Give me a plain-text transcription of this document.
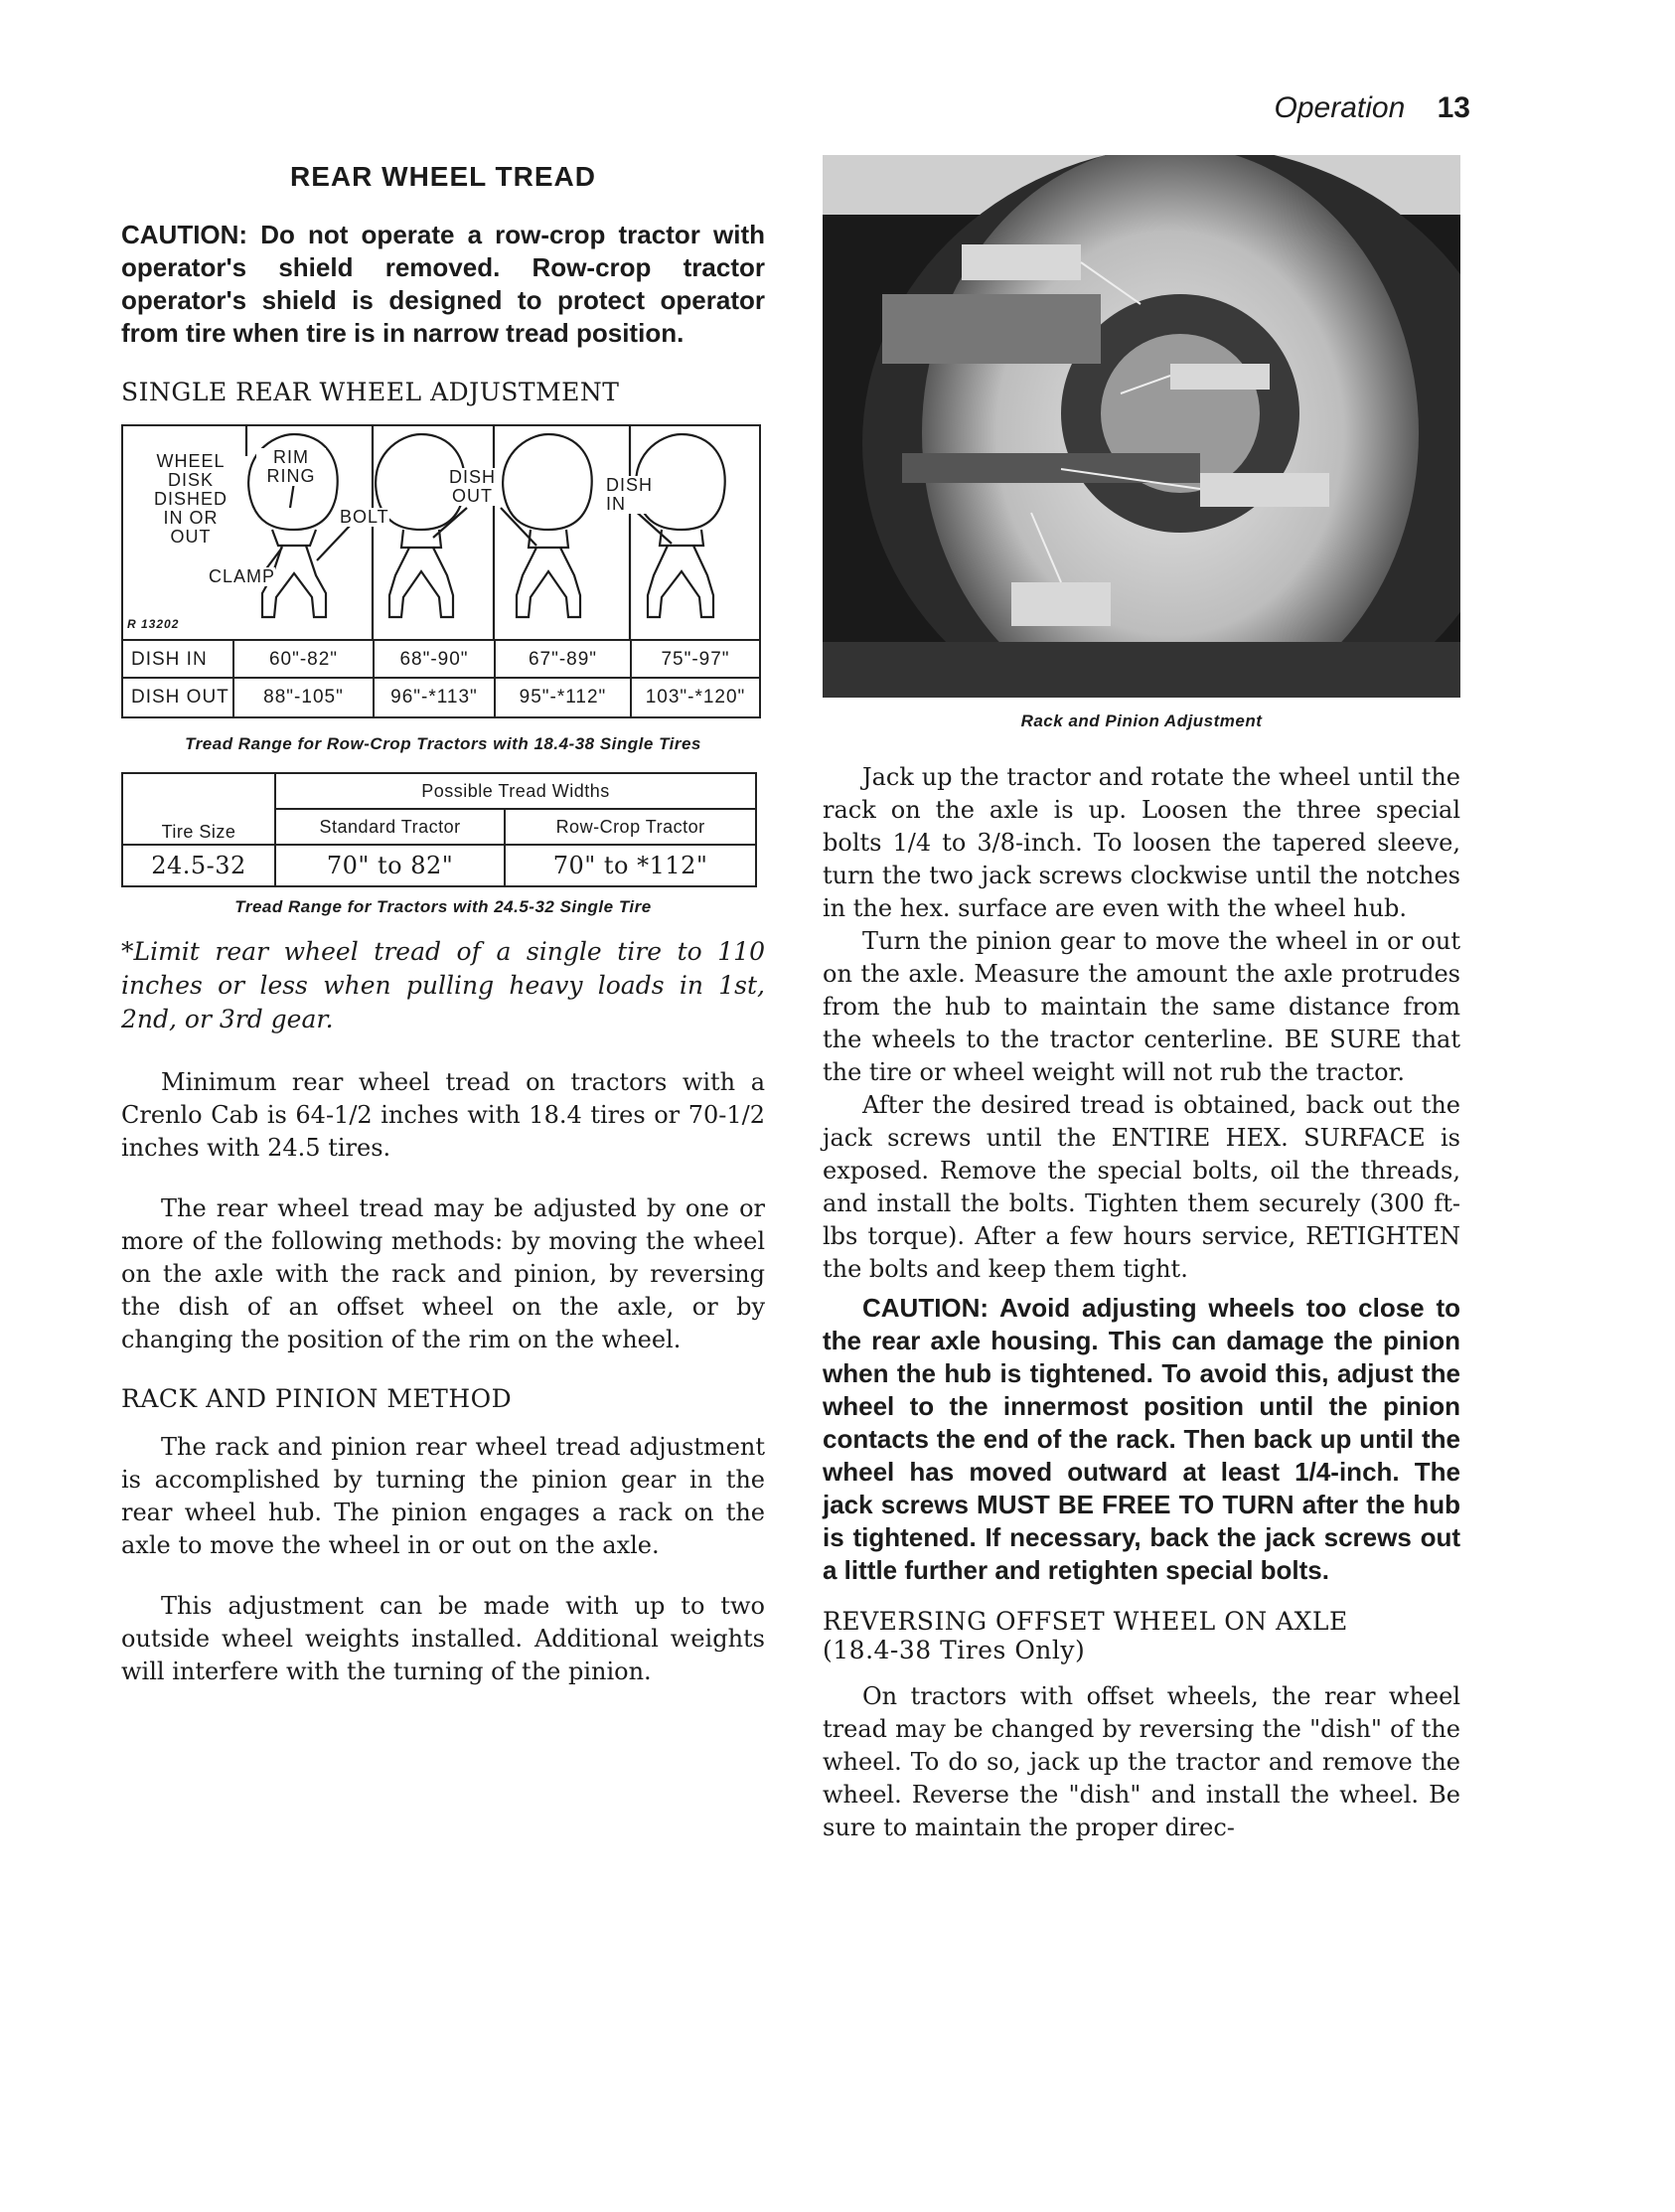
Operation 13
REAR WHEEL TREAD
CAUTION: Do not operate a row-crop tractor with operator's shield removed. Row-crop tractor operator's shield is designed to protect operator from tire when tire is in narrow tread position.
SINGLE REAR WHEEL ADJUSTMENT
WHEEL
DISK
DISHED
IN OR
OUT
RIM
RING
BOLT
CLAMP
DISH
OUT
DISH
IN
R 13202
DISH IN	60"-82"	68"-90"	67"-89"	75"-97"
DISH OUT	88"-105"	96"-*113"	95"-*112"	103"-*120"
Tread Range for Row-Crop Tractors with 18.4-38 Single Tires
Tire Size	Possible Tread Widths	
	Standard Tractor	Row-Crop Tractor
24.5-32	70" to 82"	70" to *112"
Tread Range for Tractors with 24.5-32 Single Tire

*Limit rear wheel tread of a single tire to 110 inches or less when pulling heavy loads in 1st, 2nd, or 3rd gear.

Minimum rear wheel tread on tractors with a Crenlo Cab is 64-1/2 inches with 18.4 tires or 70-1/2 inches with 24.5 tires.

The rear wheel tread may be adjusted by one or more of the following methods: by moving the wheel on the axle with the rack and pinion, by reversing the dish of an offset wheel on the axle, or by changing the position of the rim on the wheel.

RACK AND PINION METHOD

The rack and pinion rear wheel tread adjustment is accomplished by turning the pinion gear in the rear wheel hub. The pinion engages a rack on the axle to move the wheel in or out on the axle.

This adjustment can be made with up to two outside wheel weights installed. Additional weights will interfere with the turning of the pinion.

Rack and Pinion Adjustment

Jack up the tractor and rotate the wheel until the rack on the axle is up. Loosen the three special bolts 1/4 to 3/8-inch. To loosen the tapered sleeve, turn the two jack screws clockwise until the notches in the hex. surface are even with the wheel hub.

Turn the pinion gear to move the wheel in or out on the axle. Measure the amount the axle protrudes from the hub to maintain the same distance from the wheels to the tractor centerline. BE SURE that the tire or wheel weight will not rub the tractor.

After the desired tread is obtained, back out the jack screws until the ENTIRE HEX. SURFACE is exposed. Remove the special bolts, oil the threads, and install the bolts. Tighten them securely (300 ft-lbs torque). After a few hours service, RETIGHTEN the bolts and keep them tight.

CAUTION: Avoid adjusting wheels too close to the rear axle housing. This can damage the pinion when the hub is tightened. To avoid this, adjust the wheel to the innermost position until the pinion contacts the end of the rack. Then back up until the wheel has moved outward at least 1/4-inch. The jack screws MUST BE FREE TO TURN after the hub is tightened. If necessary, back the jack screws out a little further and retighten special bolts.
REVERSING OFFSET WHEEL ON AXLE
(18.4-38 Tires Only)

On tractors with offset wheels, the rear wheel tread may be changed by reversing the "dish" of the wheel. To do so, jack up the tractor and remove the wheel. Reverse the "dish" and install the wheel. Be sure to maintain the proper direc-
